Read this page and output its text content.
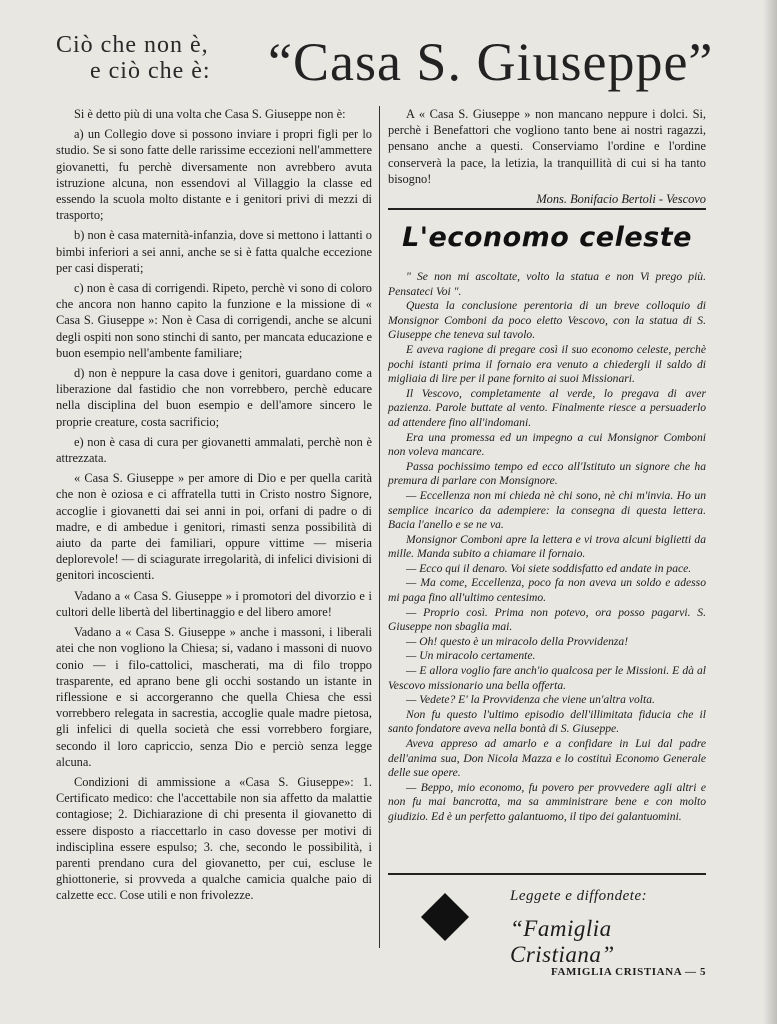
Ciò che non è,
e ciò che è: “Casa S. Giuseppe”

Si è detto più di una volta che Casa S. Giuseppe non è:

a) un Collegio dove si possono inviare i propri figli per lo studio. Se si sono fatte delle rarissime eccezioni nell'ammettere giovanetti, fu perchè diversamente non avrebbero avuta istruzione alcuna, non essendovi al Villaggio la classe ed essendo la scuola molto distante e i genitori privi di mezzi di trasporto;

b) non è casa maternità-infanzia, dove si mettono i lattanti o bimbi inferiori a sei anni, anche se si è fatta qualche eccezione per casi disperati;

c) non è casa di corrigendi. Ripeto, perchè vi sono di coloro che ancora non hanno capito la funzione e la missione di « Casa S. Giuseppe »: Non è Casa di corrigendi, anche se alcuni degli ospiti non sono stinchi di santo, per mancata educazione e buon esempio nell'ambente familiare;

d) non è neppure la casa dove i genitori, guardano come a liberazione dal fastidio che non vorrebbero, perchè educare nella disciplina del buon esempio e dell'amore sincero le proprie creature, costa sacrificio;

e) non è casa di cura per giovanetti ammalati, perchè non è attrezzata.

« Casa S. Giuseppe » per amore di Dio e per quella carità che non è oziosa e ci affratella tutti in Cristo nostro Signore, accoglie i giovanetti dai sei anni in poi, orfani di padre o di madre, e di ambedue i genitori, rimasti senza possibilità di aiuto da parte dei familiari, oppure vittime — miseria deplorevole! — di sciagurate irregolarità, di infelici divisioni di genitori incoscienti.

Vadano a « Casa S. Giuseppe » i promotori del divorzio e i cultori delle libertà del libertinaggio e del libero amore!

Vadano a « Casa S. Giuseppe » anche i massoni, i liberali atei che non vogliono la Chiesa; si, vadano i massoni di nuovo conio — i filo-cattolici, mascherati, ma di filo troppo trasparente, ed aprano bene gli occhi sostando un istante in riflessione e si accorgeranno che quella Chiesa che essi vorrebbero relegata in sacrestia, accoglie quale madre pietosa, gli infelici di quella società che essi vorrebbero forgiare, secondo il loro capriccio, senza Dio e perciò senza legge alcuna.

Condizioni di ammissione a «Casa S. Giuseppe»: 1. Certificato medico: che l'accettabile non sia affetto da malattie contagiose; 2. Dichiarazione di chi presenta il giovanetto di essere disposto a riaccettarlo in caso dovesse per motivi di indisciplina essere espulso; 3. che, secondo le possibilità, i parenti prendano cura del giovanetto, per cui, escluse le ghiottonerie, si provveda a qualche camicia qualche paio di calzette ecc. Cose utili e non frivolezze.

A « Casa S. Giuseppe » non mancano neppure i dolci. Si, perchè i Benefattori che vogliono tanto bene ai nostri ragazzi, pensano anche a questi. Conserviamo l'ordine e l'ordine conserverà la pace, la letizia, la tranquillità di cui si ha tanto bisogno!

Mons. Bonifacio Bertoli - Vescovo
L'economo celeste

" Se non mi ascoltate, volto la statua e non Vi prego più. Pensateci Voi ".

Questa la conclusione perentoria di un breve colloquio di Monsignor Comboni da poco eletto Vescovo, con la statua di S. Giuseppe che teneva sul tavolo.

E aveva ragione di pregare così il suo economo celeste, perchè pochi istanti prima il fornaio era venuto a chiedergli il saldo di migliaia di lire per il pane fornito ai suoi Missionari.

Il Vescovo, completamente al verde, lo pregava di aver pazienza. Parole buttate al vento. Finalmente riesce a persuaderlo ad attendere fino all'indomani.

Era una promessa ed un impegno a cui Monsignor Comboni non voleva mancare.

Passa pochissimo tempo ed ecco all'Istituto un signore che ha premura di parlare con Monsignore.

— Eccellenza non mi chieda nè chi sono, nè chi m'invia. Ho un semplice incarico da adempiere: la consegna di questa lettera. Bacia l'anello e se ne va.

Monsignor Comboni apre la lettera e vi trova alcuni biglietti da mille. Manda subito a chiamare il fornaio.

— Ecco qui il denaro. Voi siete soddisfatto ed andate in pace.

— Ma come, Eccellenza, poco fa non aveva un soldo e adesso mi paga fino all'ultimo centesimo.

— Proprio così. Prima non potevo, ora posso pagarvi. S. Giuseppe non sbaglia mai.

— Oh! questo è un miracolo della Provvidenza!

— Un miracolo certamente.

— E allora voglio fare anch'io qualcosa per le Missioni. E dà al Vescovo missionario una bella offerta.

— Vedete? E' la Provvidenza che viene un'altra volta.

Non fu questo l'ultimo episodio dell'illimitata fiducia che il santo fondatore aveva nella bontà di S. Giuseppe.

Aveva appreso ad amarlo e a confidare in Lui dal padre dell'anima sua, Don Nicola Mazza e lo costituì Economo Generale delle sue opere.

— Beppo, mio economo, fu povero per provvedere agli altri e non fu mai bancrotta, ma sa amministrare bene e con molto giudizio. Ed è un perfetto galantuomo, il tipo dei galantuomini.

Leggete e diffondete:
“Famiglia Cristiana”
FAMIGLIA CRISTIANA — 5
